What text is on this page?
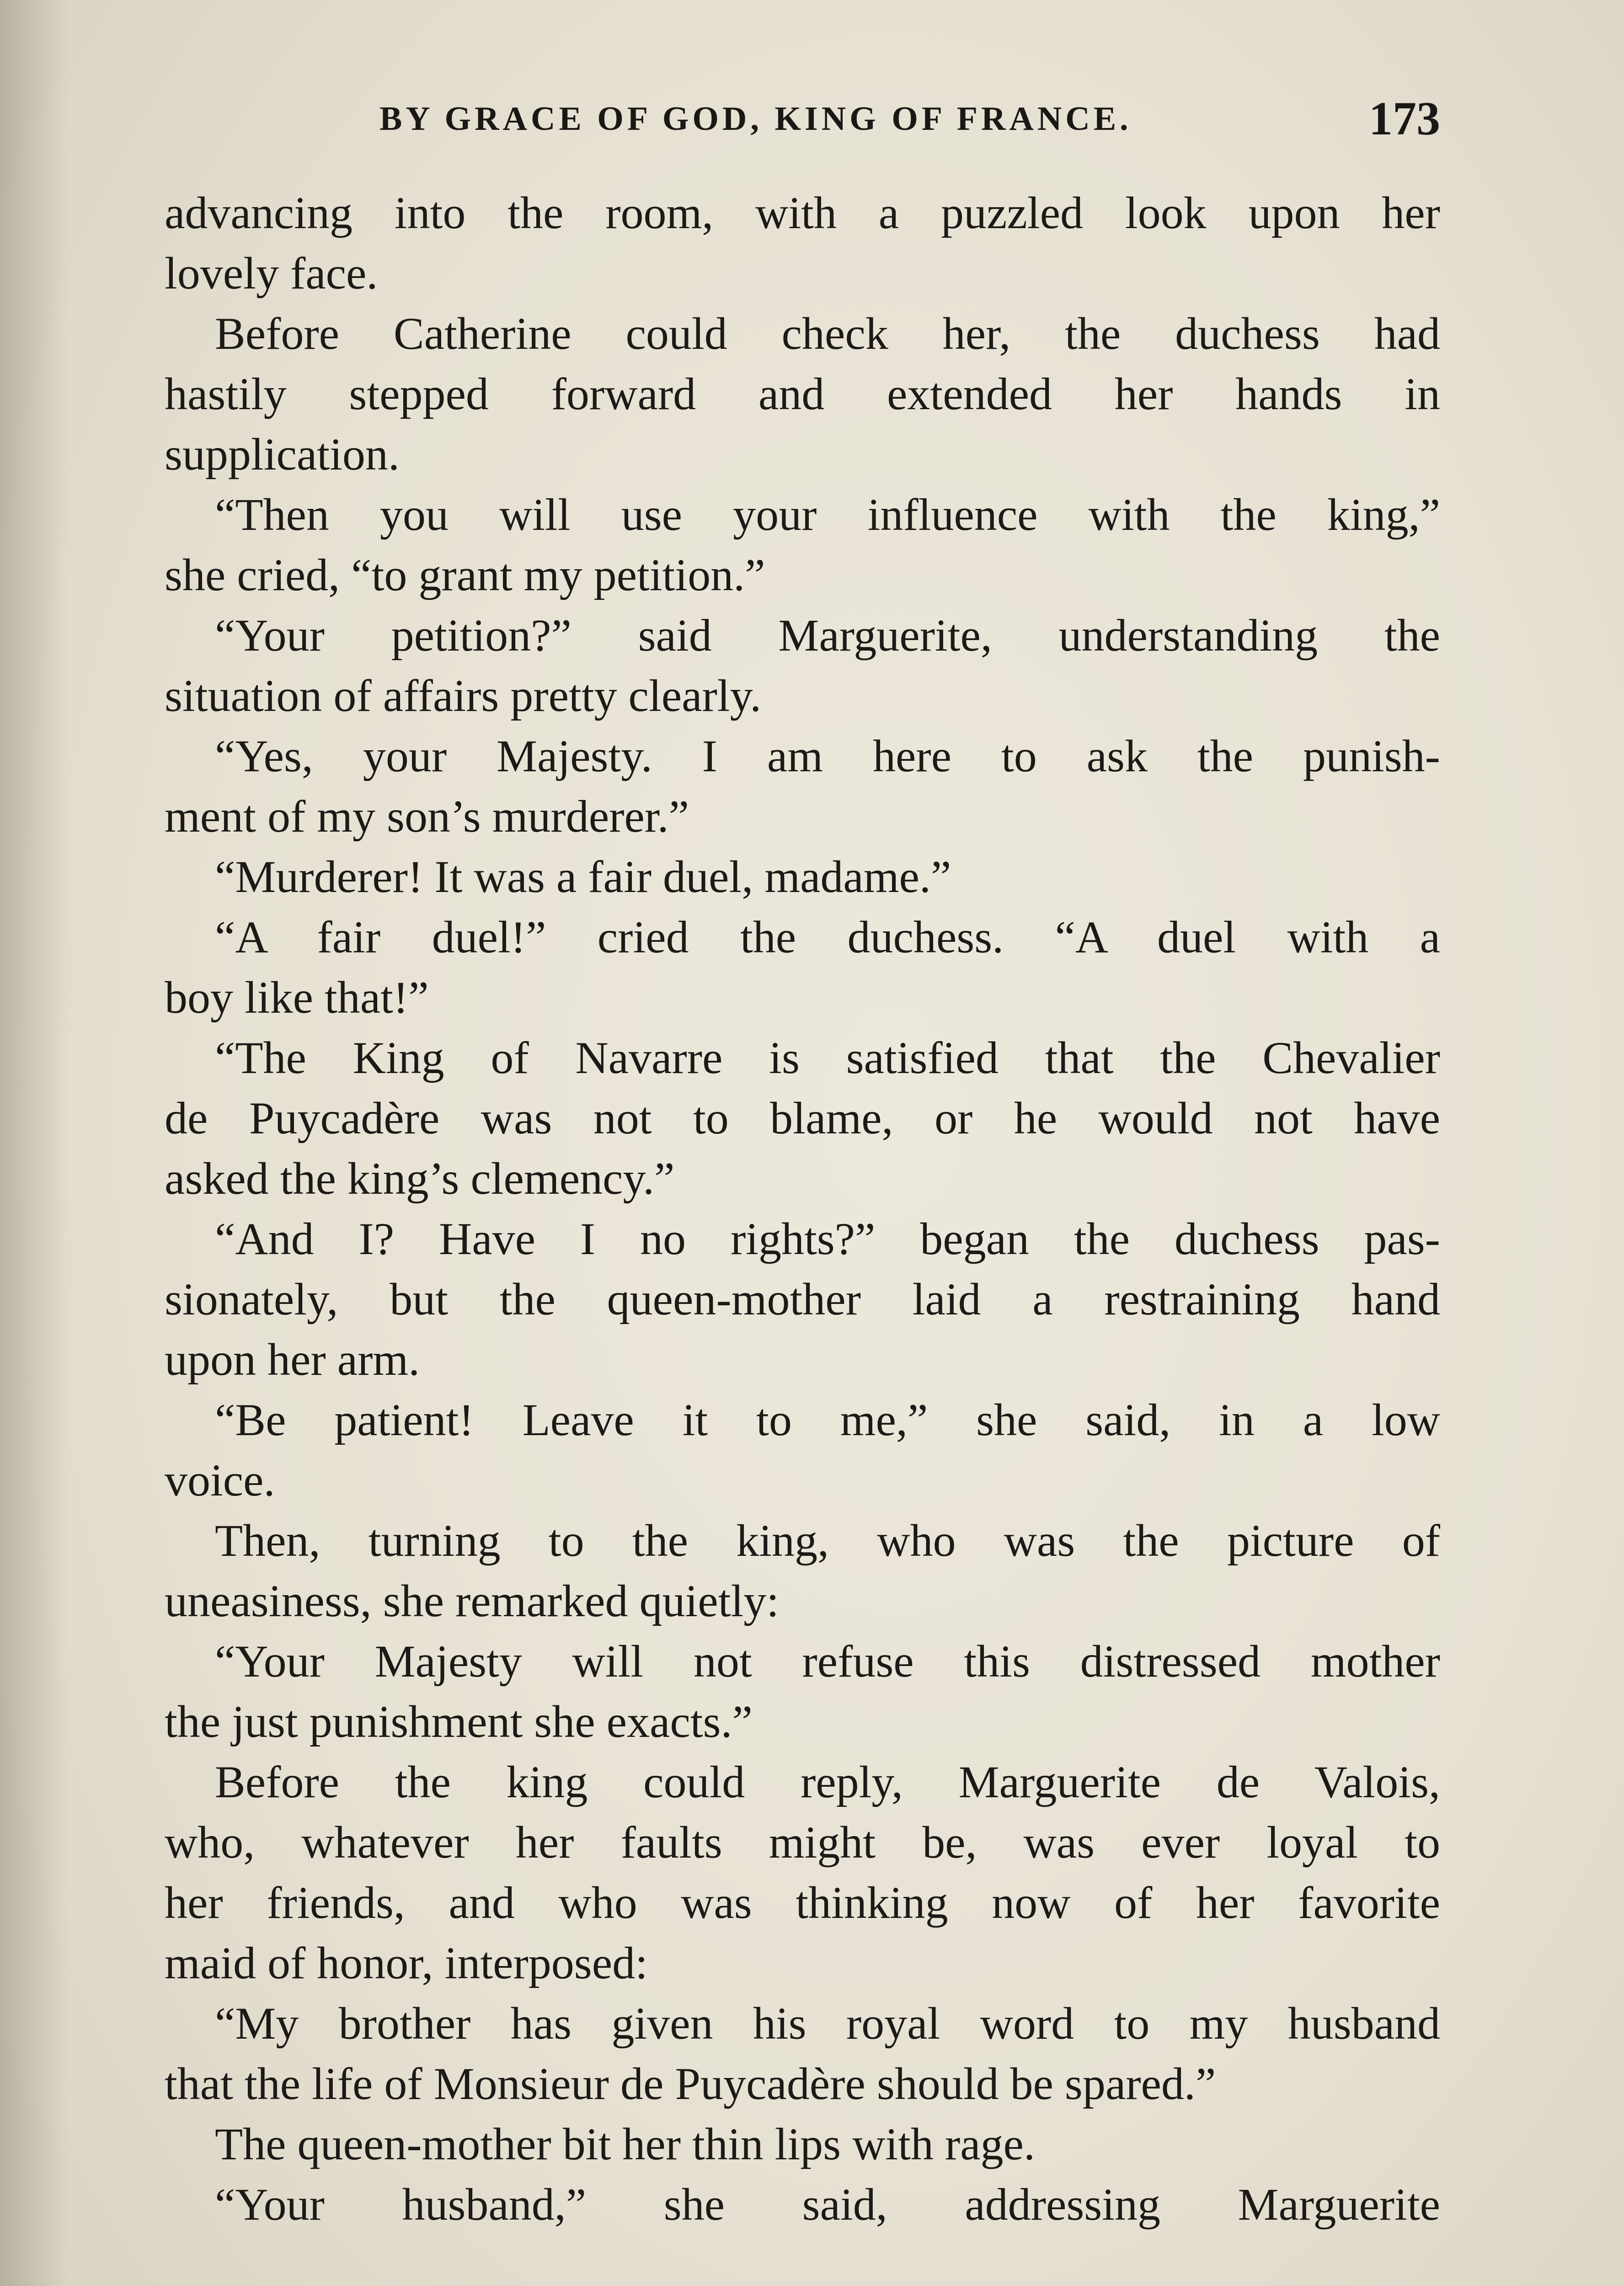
BY GRACE OF GOD, KING OF FRANCE.	173
advancing into the room, with a puzzled look upon her
lovely face.
Before Catherine could check her, the duchess had
hastily stepped forward and extended her hands in
supplication.
“Then you will use your influence with the king,”
she cried, “to grant my petition.”
“Your petition?” said Marguerite, understanding the
situation of affairs pretty clearly.
“Yes, your Majesty. I am here to ask the punish-
ment of my son’s murderer.”
“Murderer! It was a fair duel, madame.”
“A fair duel!” cried the duchess. “A duel with a
boy like that!”
“The King of Navarre is satisfied that the Chevalier
de Puycadère was not to blame, or he would not have
asked the king’s clemency.”
“And I? Have I no rights?” began the duchess pas-
sionately, but the queen-mother laid a restraining hand
upon her arm.
“Be patient! Leave it to me,” she said, in a low
voice.
Then, turning to the king, who was the picture of
uneasiness, she remarked quietly:
“Your Majesty will not refuse this distressed mother
the just punishment she exacts.”
Before the king could reply, Marguerite de Valois,
who, whatever her faults might be, was ever loyal to
her friends, and who was thinking now of her favorite
maid of honor, interposed:
“My brother has given his royal word to my husband
that the life of Monsieur de Puycadère should be spared.”
The queen-mother bit her thin lips with rage.
“Your husband,” she said, addressing Marguerite
